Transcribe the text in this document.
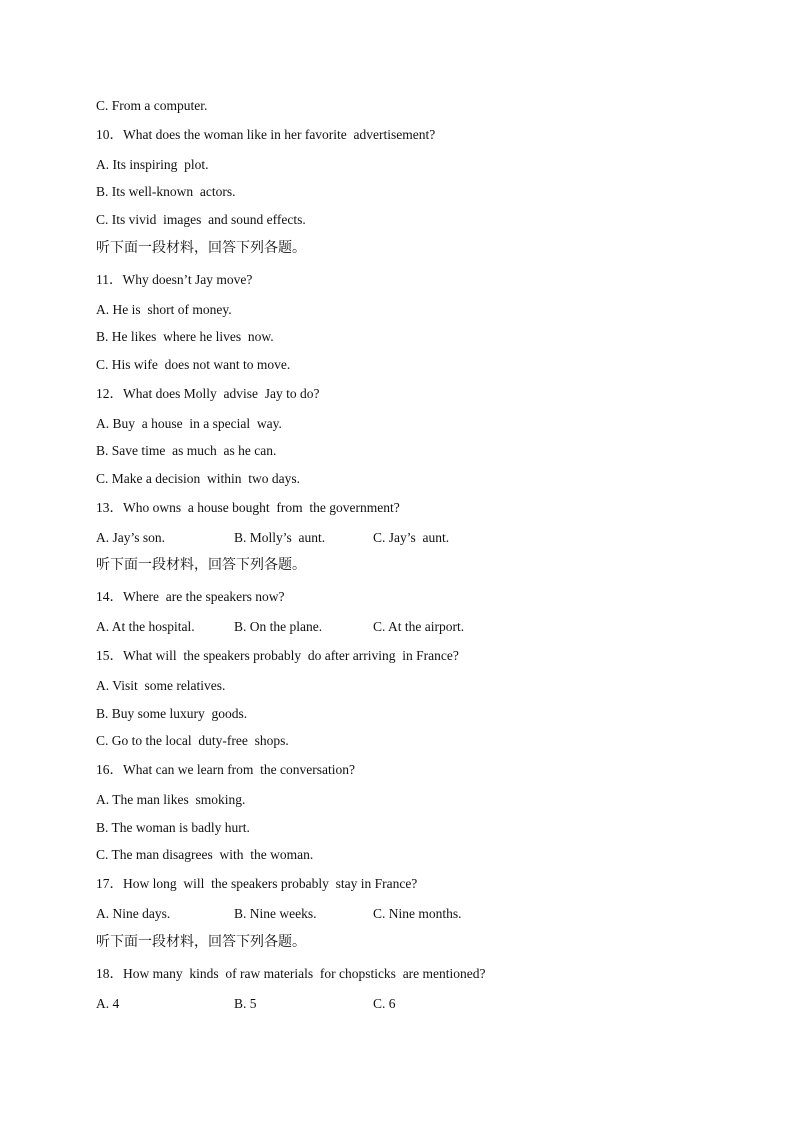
C. From a computer.
10．What does the woman like in her favorite  advertisement?
A. Its inspiring  plot.
B. Its well-known  actors.
C. Its vivid  images  and sound effects.
听下面一段材料，回答下列各题。
11．Why doesn’t Jay move?
A. He is  short of money.
B. He likes  where he lives  now.
C. His wife  does not want to move.
12．What does Molly  advise  Jay to do?
A. Buy  a house  in a special  way.
B. Save time  as much  as he can.
C. Make a decision  within  two days.
13．Who owns  a house bought  from  the government?
A. Jay’s son.	B. Molly’s  aunt.	C. Jay’s  aunt.
听下面一段材料，回答下列各题。
14．Where  are the speakers now?
A. At the hospital.	B. On the plane.	C. At the airport.
15．What will  the speakers probably  do after arriving  in France?
A. Visit  some relatives.
B. Buy some luxury  goods.
C. Go to the local  duty-free  shops.
16．What can we learn from  the conversation?
A. The man likes  smoking.
B. The woman is badly hurt.
C. The man disagrees  with  the woman.
17．How long  will  the speakers probably  stay in France?
A. Nine days.	B. Nine weeks.	C. Nine months.
听下面一段材料，回答下列各题。
18．How many  kinds  of raw materials  for chopsticks  are mentioned?
A. 4	B. 5	C. 6
